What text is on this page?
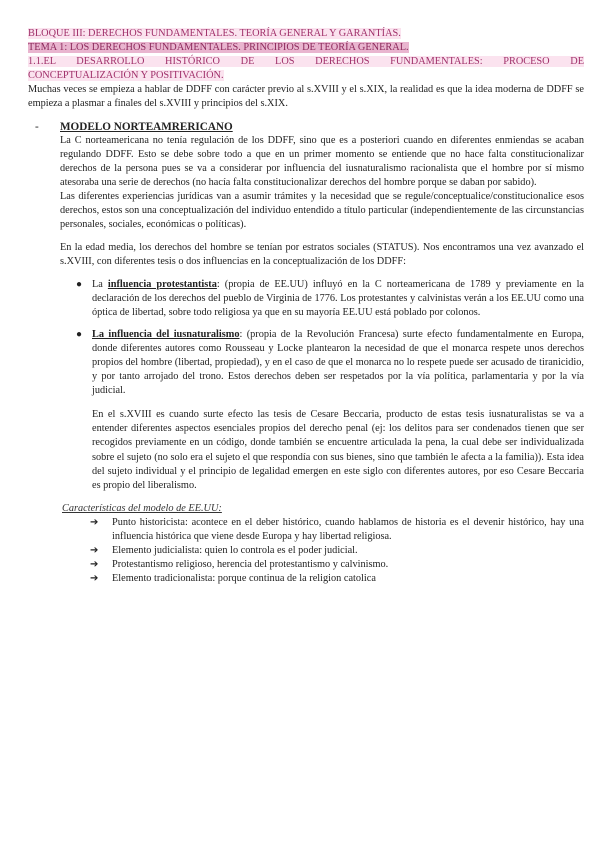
BLOQUE III: DERECHOS FUNDAMENTALES. TEORÍA GENERAL Y GARANTÍAS.
TEMA 1: LOS DERECHOS FUNDAMENTALES. PRINCIPIOS DE TEORÍA GENERAL.
1.1.EL DESARROLLO HISTÓRICO DE LOS DERECHOS FUNDAMENTALES: PROCESO DE
CONCEPTUALIZACIÓN Y POSITIVACIÓN.
Muchas veces se empieza a hablar de DDFF con carácter previo al s.XVIII y el s.XIX, la realidad es que la idea moderna de DDFF se empieza a plasmar a finales del s.XVIII y principios del s.XIX.
- MODELO NORTEAMRERICANO
La C norteamericana no tenía regulación de los DDFF, sino que es a posteriori cuando en diferentes enmiendas se acaban regulando DDFF. Esto se debe sobre todo a que en un primer momento se entiende que no hace falta constitucionalizar derechos de la persona pues se va a considerar por influencia del iusnaturalismo racionalista que el hombre por sí mismo atesoraba una serie de derechos (no hacía falta constitucionalizar derechos del hombre porque se daban por sabido).
Las diferentes experiencias jurídicas van a asumir trámites y la necesidad que se regule/conceptualice/constitucionalice esos derechos, estos son una conceptualización del individuo entendido a título particular (independientemente de las circunstancias personales, sociales, económicas o políticas).
En la edad media, los derechos del hombre se tenían por estratos sociales (STATUS). Nos encontramos una vez avanzado el s.XVIII, con diferentes tesis o dos influencias en la conceptualización de los DDFF:
● La influencia protestantista: (propia de EE.UU) influyó en la C norteamericana de 1789 y previamente en la declaración de los derechos del pueblo de Virginia de 1776. Los protestantes y calvinistas verán a los EE.UU como una óptica de libertad, sobre todo religiosa ya que en su mayoría EE.UU está poblado por colonos.
● La influencia del iusnaturalismo: (propia de la Revolución Francesa) surte efecto fundamentalmente en Europa, donde diferentes autores como Rousseau y Locke plantearon la necesidad de que el monarca respete unos derechos propios del hombre (libertad, propiedad), y en el caso de que el monarca no lo respete puede ser acusado de tiranicidio, y por tanto arrojado del trono. Estos derechos deben ser respetados por la vía política, parlamentaria y por la vía judicial.
En el s.XVIII es cuando surte efecto las tesis de Cesare Beccaria, producto de estas tesis iusnaturalistas se va a entender diferentes aspectos esenciales propios del derecho penal (ej: los delitos para ser condenados tienen que ser recogidos previamente en un código, donde también se encuentre articulada la pena, la cual debe ser individualizada sobre el sujeto (no solo era el sujeto el que respondía con sus bienes, sino que también le afecta a la familia)). Esta idea del sujeto individual y el principio de legalidad emergen en este siglo con diferentes autores, por eso Cesare Beccaria es propio del liberalismo.
Características del modelo de EE.UU:
➔ Punto historicista: acontece en el deber histórico, cuando hablamos de historia es el devenir histórico, hay una influencia histórica que viene desde Europa y hay libertad religiosa.
➔ Elemento judicialista: quien lo controla es el poder judicial.
➔ Protestantismo religioso, herencia del protestantismo y calvinismo.
➔ Elemento tradicionalista: porque continua de la religion catolica
